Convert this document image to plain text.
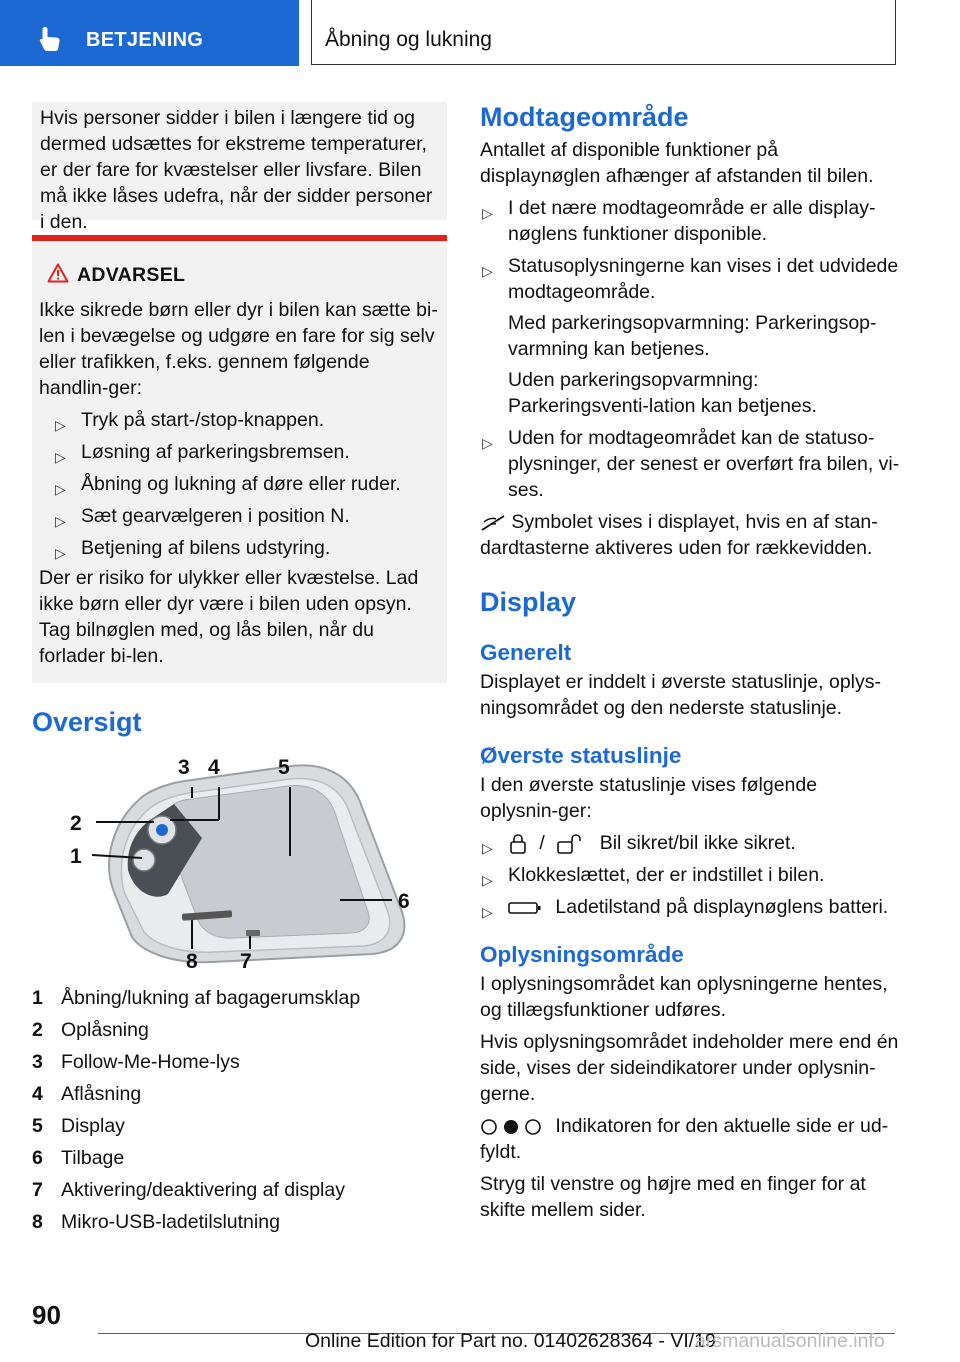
BETJENING	Åbning og lukning

Hvis personer sidder i bilen i længere tid og dermed udsættes for ekstreme temperaturer, er der fare for kvæstelser eller livsfare. Bilen må ikke låses udefra, når der sidder personer i den.

ADVARSEL

Ikke sikrede børn eller dyr i bilen kan sætte bi-len i bevægelse og udgøre en fare for sig selv eller trafikken, f.eks. gennem følgende handlin-ger:

▷ Tryk på start-/stop-knappen.
▷ Løsning af parkeringsbremsen.
▷ Åbning og lukning af døre eller ruder.
▷ Sæt gearvælgeren i position N.
▷ Betjening af bilens udstyring.

Der er risiko for ulykker eller kvæstelse. Lad ikke børn eller dyr være i bilen uden opsyn. Tag bilnøglen med, og lås bilen, når du forlader bi-len.

Oversigt
3 4	5
2
1
6
7
8
1 Åbning/lukning af bagagerumsklap
2 Oplåsning
3 Follow-Me-Home-lys
4 Aflåsning
5 Display
6 Tilbage
7 Aktivering/deaktivering af display
8 Mikro-USB-ladetilslutning
Modtageområde

Antallet af disponible funktioner på displaynøglen afhænger af afstanden til bilen.

▷ I det nære modtageområde er alle display-nøglens funktioner disponible.
▷ Statusoplysningerne kan vises i det udvidede modtageområde.
Med parkeringsopvarmning: Parkeringsop-varmning kan betjenes.
Uden parkeringsopvarmning: Parkeringsventi-lation kan betjenes.
▷ Uden for modtageområdet kan de statuso-plysninger, der senest er overført fra bilen, vi-ses.

Symbolet vises i displayet, hvis en af stan-dardtasterne aktiveres uden for rækkevidden.

Display
Generelt

Displayet er inddelt i øverste statuslinje, oplys-ningsområdet og den nederste statuslinje.

Øverste statuslinje

I den øverste statuslinje vises følgende oplysnin-ger:

▷ /	Bil sikret/bil ikke sikret.
▷ Klokkeslættet, der er indstillet i bilen.
▷	Ladetilstand på displaynøglens batteri.
Oplysningsområde

I oplysningsområdet kan oplysningerne hentes, og tillægsfunktioner udføres.

Hvis oplysningsområdet indeholder mere end én side, vises der sideindikatorer under oplysnin-gerne.

Indikatoren for den aktuelle side er ud-fyldt.

Stryg til venstre og højre med en finger for at skifte mellem sider.

90
Online Edition for Part no. 01402628364 - VI/19
arsmanualsonline.info
